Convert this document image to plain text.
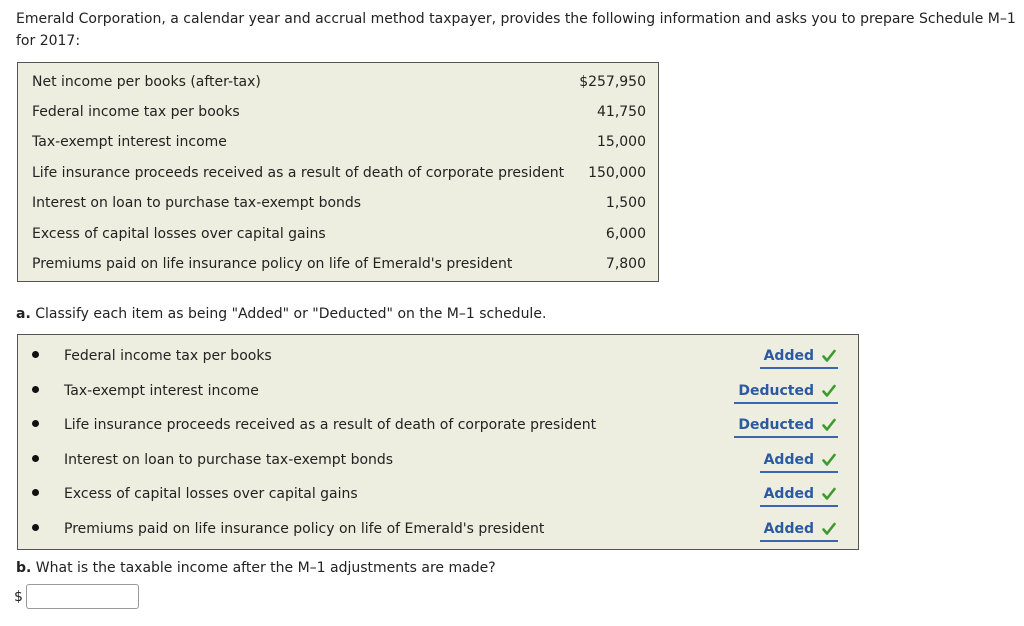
Emerald Corporation, a calendar year and accrual method taxpayer, provides the following information and asks you to prepare Schedule M–1 for 2017:
Net income per books (after-tax)	$257,950
Federal income tax per books	41,750
Tax-exempt interest income	15,000
Life insurance proceeds received as a result of death of corporate president 150,000
Interest on loan to purchase tax-exempt bonds	1,500
Excess of capital losses over capital gains	6,000
Premiums paid on life insurance policy on life of Emerald's president	7,800
a. Classify each item as being "Added" or "Deducted" on the M–1 schedule.
Federal income tax per books	Added
Tax-exempt interest income	Deducted
Life insurance proceeds received as a result of death of corporate president	Deducted
Interest on loan to purchase tax-exempt bonds	Added
Excess of capital losses over capital gains	Added
Premiums paid on life insurance policy on life of Emerald's president	Added
b. What is the taxable income after the M–1 adjustments are made?
$
